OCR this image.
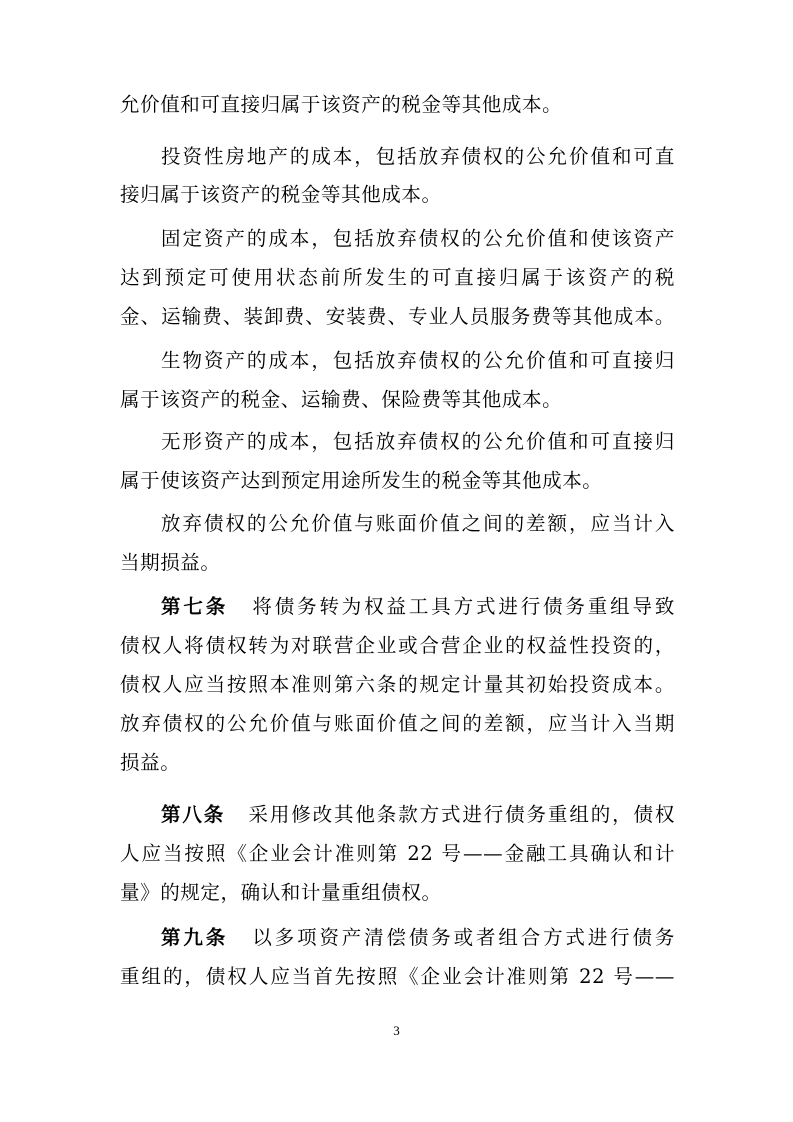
允价值和可直接归属于该资产的税金等其他成本。
投资性房地产的成本，包括放弃债权的公允价值和可直
接归属于该资产的税金等其他成本。
固定资产的成本，包括放弃债权的公允价值和使该资产
达到预定可使用状态前所发生的可直接归属于该资产的税
金、运输费、装卸费、安装费、专业人员服务费等其他成本。
生物资产的成本，包括放弃债权的公允价值和可直接归
属于该资产的税金、运输费、保险费等其他成本。
无形资产的成本，包括放弃债权的公允价值和可直接归
属于使该资产达到预定用途所发生的税金等其他成本。
放弃债权的公允价值与账面价值之间的差额，应当计入
当期损益。
第七条 将债务转为权益工具方式进行债务重组导致
债权人将债权转为对联营企业或合营企业的权益性投资的，
债权人应当按照本准则第六条的规定计量其初始投资成本。
放弃债权的公允价值与账面价值之间的差额，应当计入当期
损益。
第八条 采用修改其他条款方式进行债务重组的，债权
人应当按照《企业会计准则第 22 号——金融工具确认和计
量》的规定，确认和计量重组债权。
第九条 以多项资产清偿债务或者组合方式进行债务
重组的，债权人应当首先按照《企业会计准则第 22 号——
3
